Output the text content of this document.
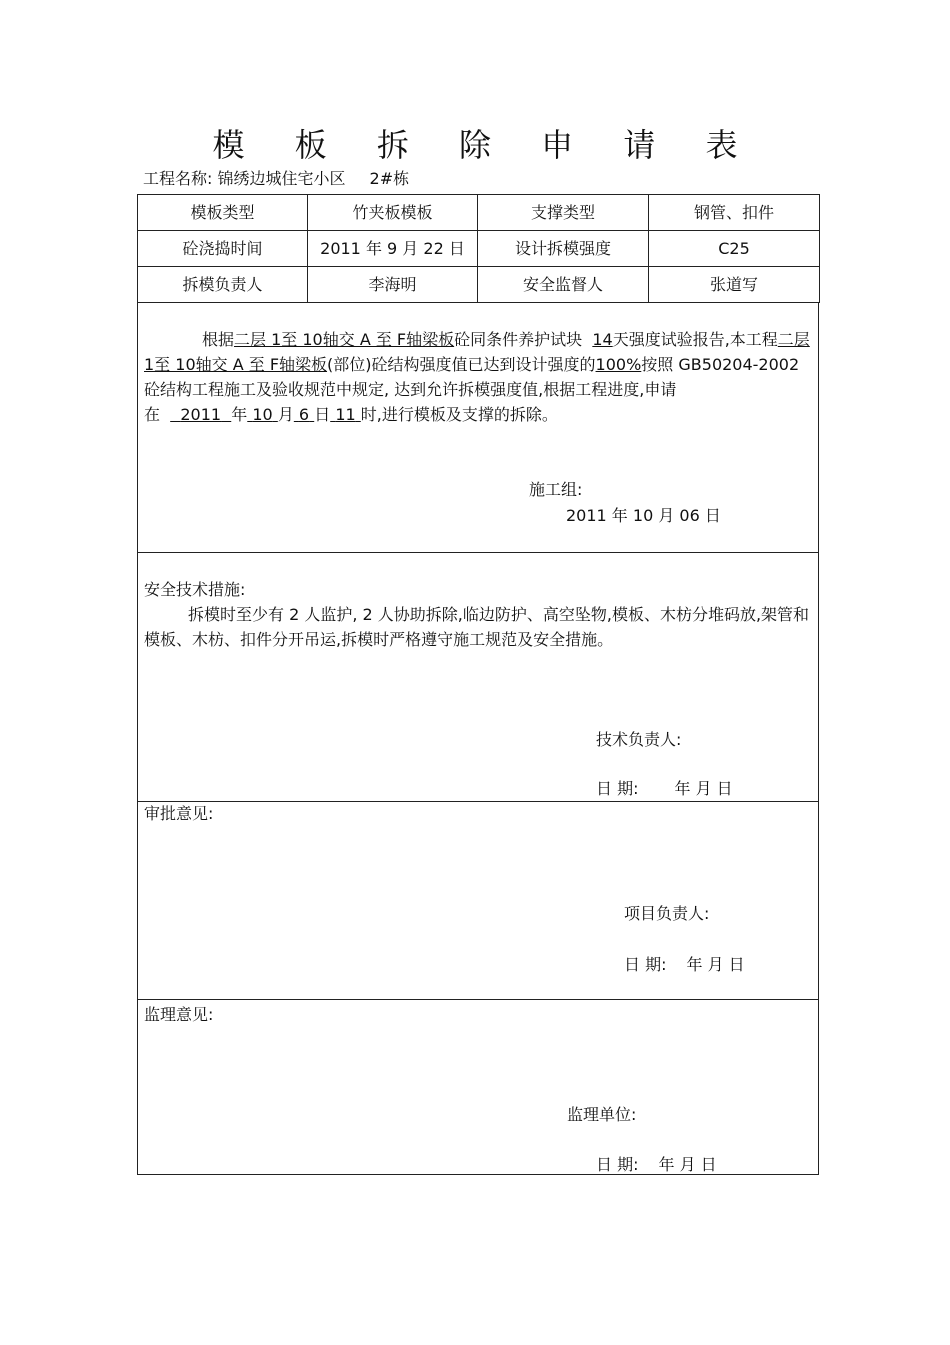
模 板 拆 除 申 请 表
工程名称: 锦绣边城住宅小区 2#栋
模板类型	竹夹板模板	支撑类型	钢管、扣件
砼浇捣时间	2011 年 9 月 22 日	设计拆模强度	C25
拆模负责人	李海明	安全监督人	张道写
根据二层 1至 10轴交 A 至 F轴梁板砼同条件养护试块 14天强度试验报告,本工程二层 1至 10轴交 A 至 F轴梁板(部位)砼结构强度值已达到设计强度的100%按照 GB50204-2002砼结构工程施工及验收规范中规定, 达到允许拆模强度值,根据工程进度,申请在 2011 年 10 月 6 日 11 时,进行模板及支撑的拆除。
施工组:
2011 年 10 月 06 日
安全技术措施:
拆模时至少有 2 人监护, 2 人协助拆除,临边防护、高空坠物,模板、木枋分堆码放,架管和模板、木枋、扣件分开吊运,拆模时严格遵守施工规范及安全措施。
技术负责人:
日 期: 年 月 日
审批意见:
项目负责人:
日 期: 年 月 日
监理意见:
监理单位:
日 期: 年 月 日
